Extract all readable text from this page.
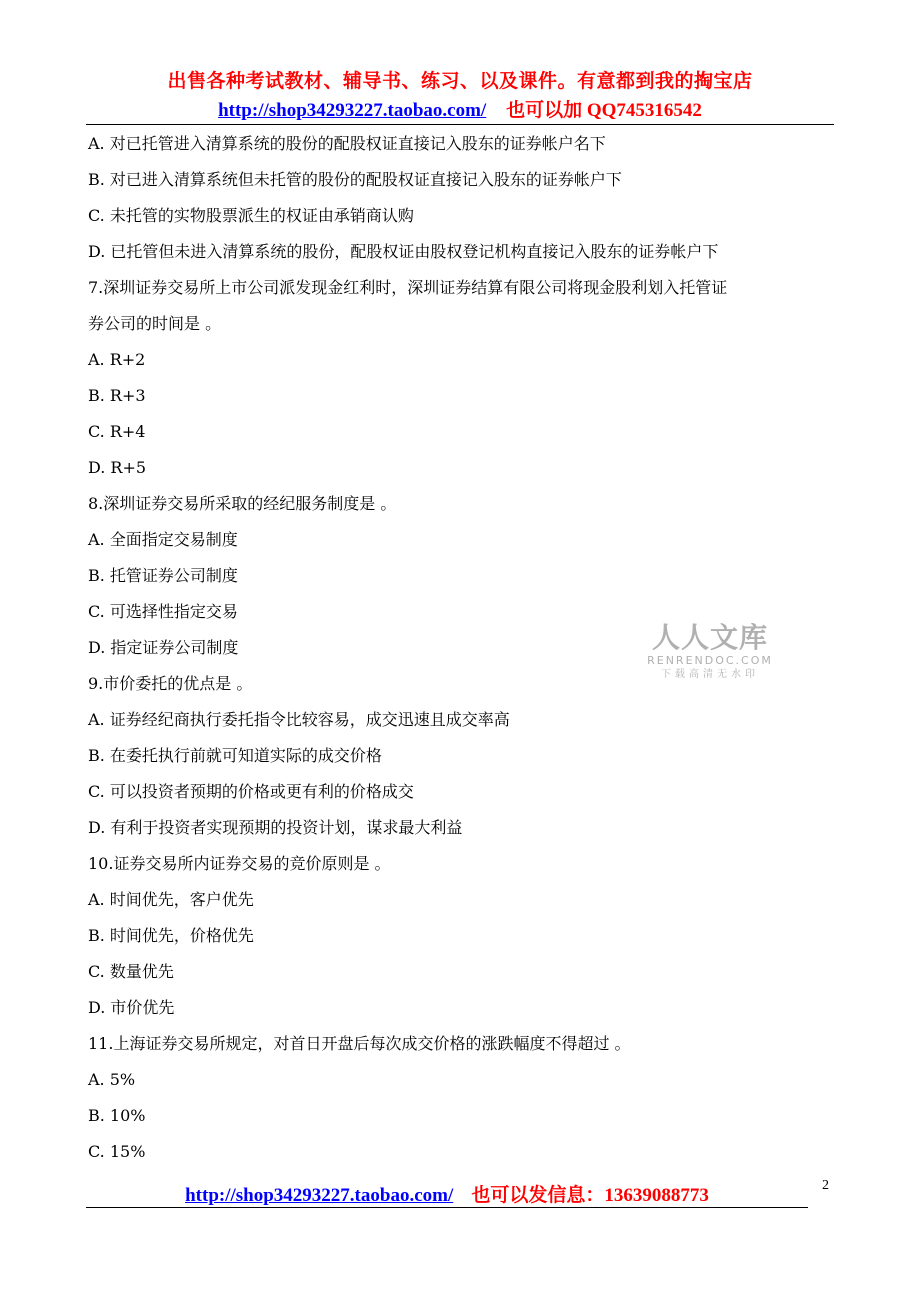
出售各种考试教材、辅导书、练习、以及课件。有意都到我的掏宝店
http://shop34293227.taobao.com/ 也可以加 QQ745316542
A. 对已托管进入清算系统的股份的配股权证直接记入股东的证券帐户名下
B. 对已进入清算系统但未托管的股份的配股权证直接记入股东的证券帐户下
C. 未托管的实物股票派生的权证由承销商认购
D. 已托管但未进入清算系统的股份，配股权证由股权登记机构直接记入股东的证券帐户下
7.深圳证券交易所上市公司派发现金红利时，深圳证券结算有限公司将现金股利划入托管证
券公司的时间是 。
A. R+2
B. R+3
C. R+4
D. R+5
8.深圳证券交易所采取的经纪服务制度是 。
A. 全面指定交易制度
B. 托管证券公司制度
C. 可选择性指定交易
D. 指定证券公司制度
9.市价委托的优点是 。
A. 证券经纪商执行委托指令比较容易，成交迅速且成交率高
B. 在委托执行前就可知道实际的成交价格
C. 可以投资者预期的价格或更有利的价格成交
D. 有利于投资者实现预期的投资计划，谋求最大利益
10.证券交易所内证券交易的竞价原则是 。
A. 时间优先，客户优先
B. 时间优先，价格优先
C. 数量优先
D. 市价优先
11.上海证券交易所规定，对首日开盘后每次成交价格的涨跌幅度不得超过 。
A. 5%
B. 10%
C. 15%
人人文库
RENRENDOC.COM
下载高清无水印
http://shop34293227.taobao.com/ 也可以发信息：13639088773	2
